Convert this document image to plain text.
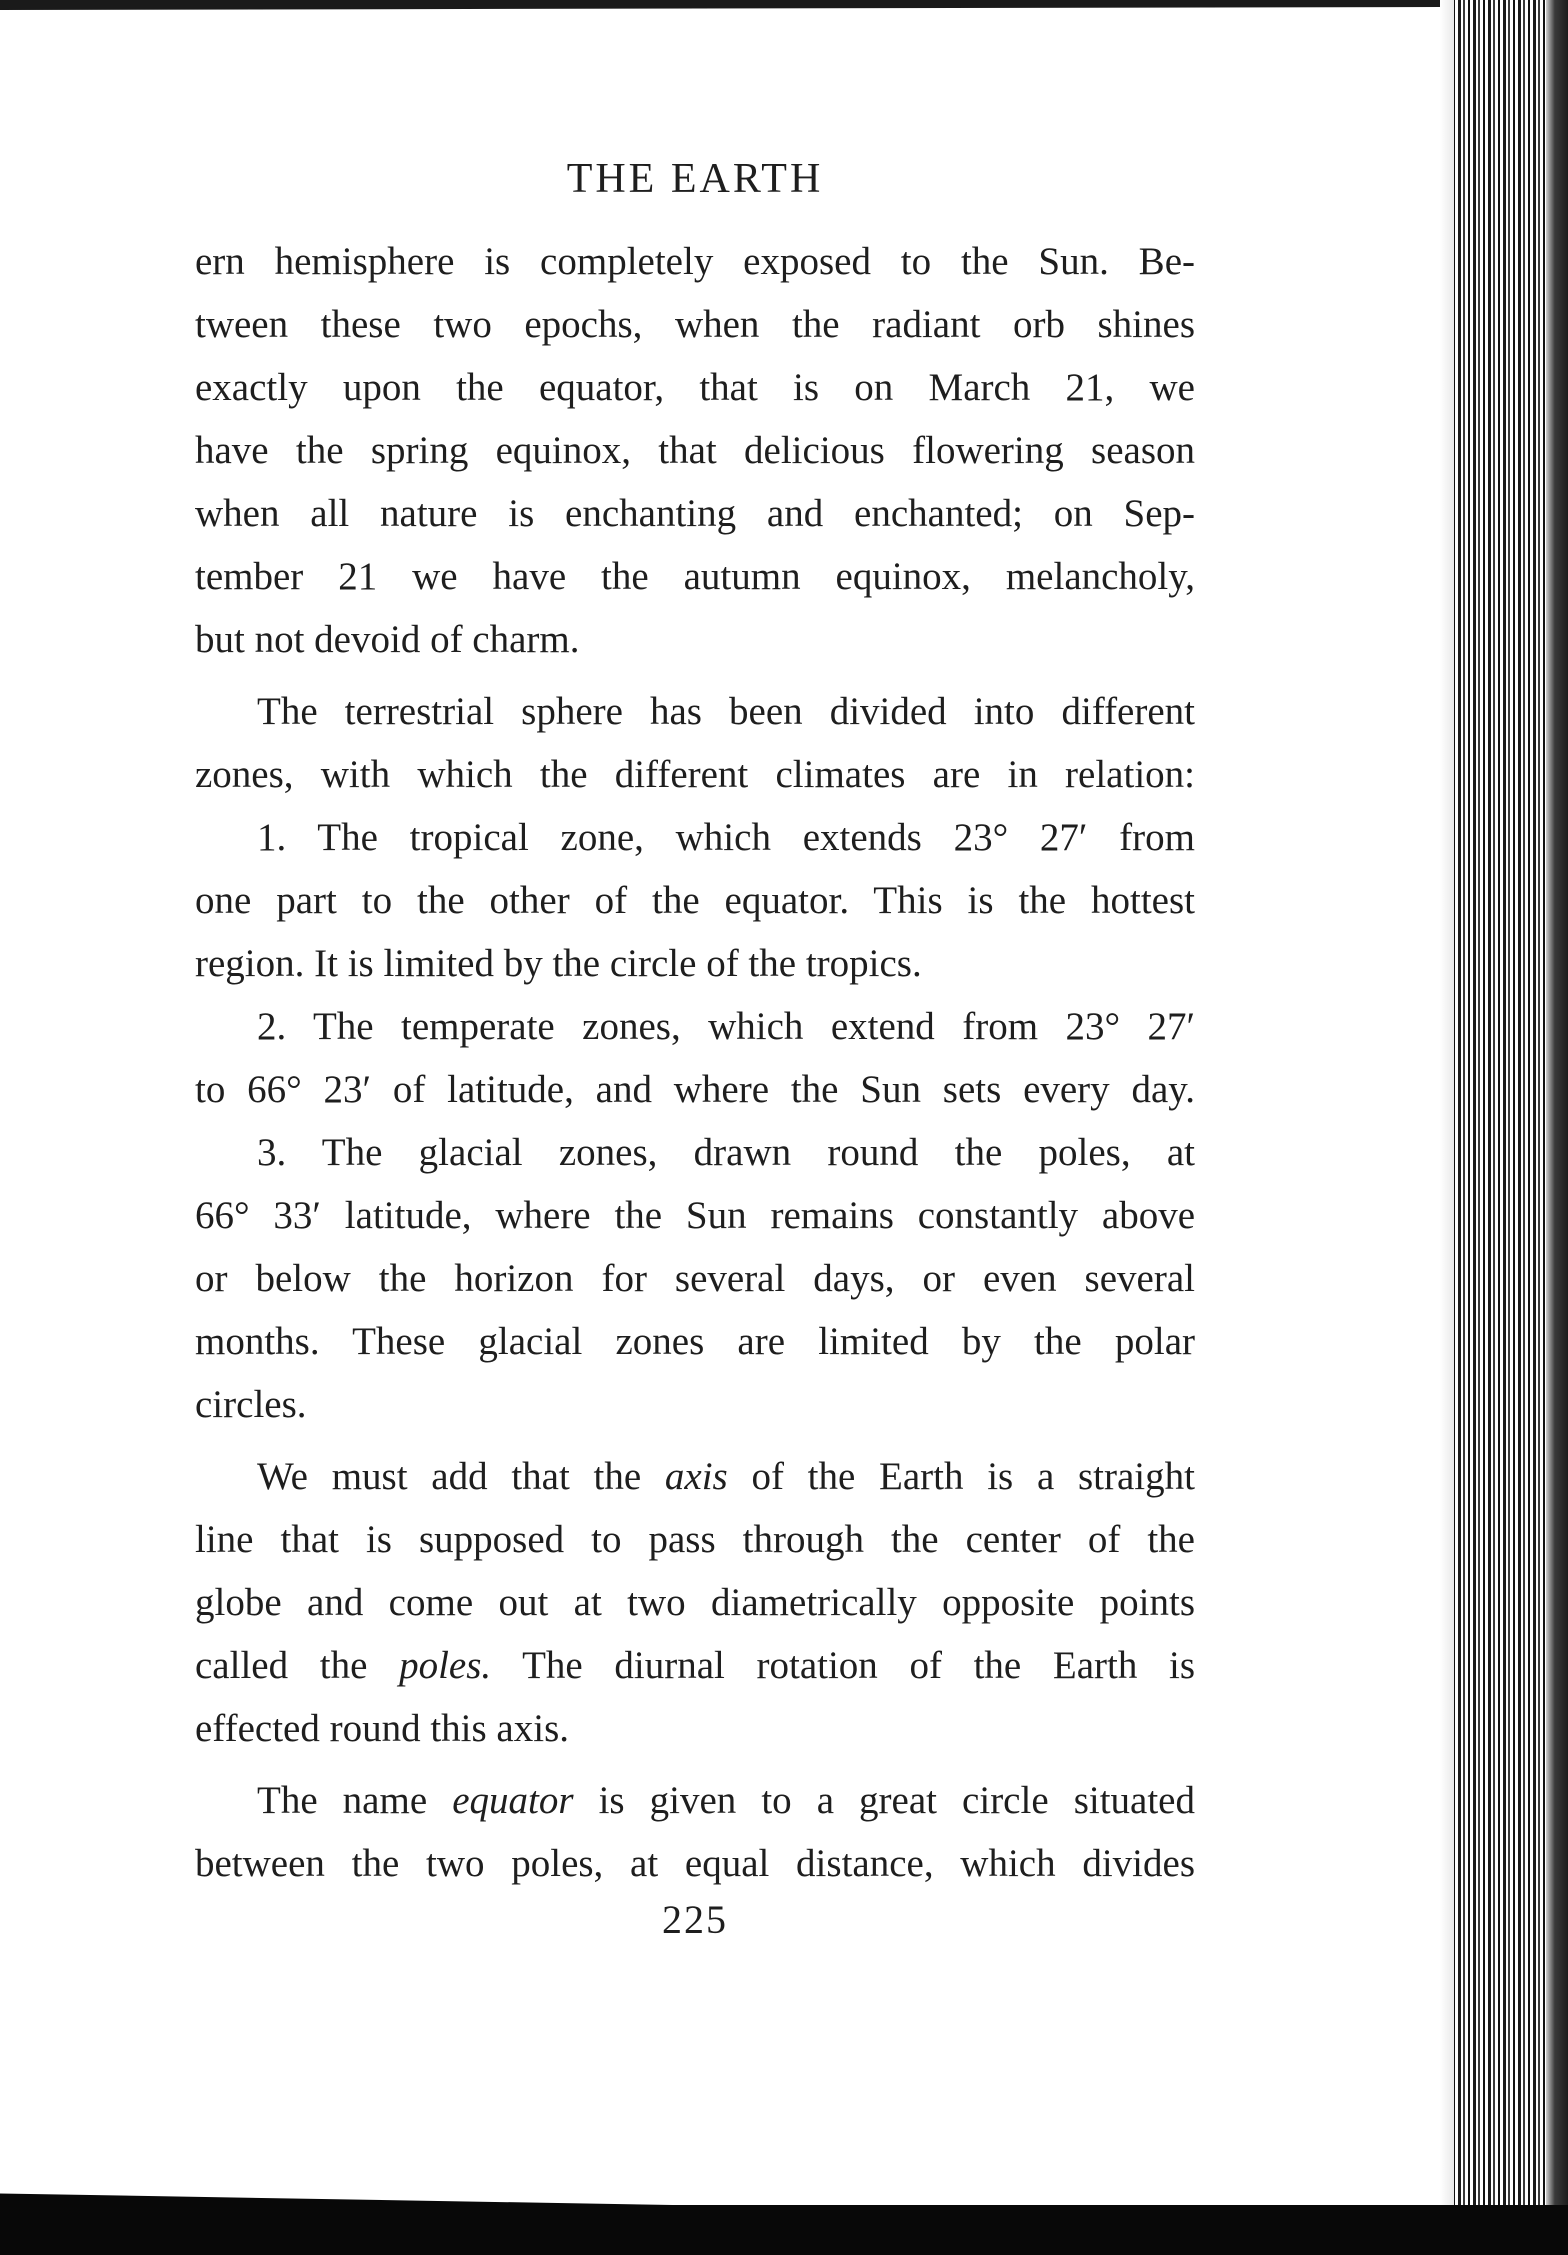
THE EARTH
ern hemisphere is completely exposed to the Sun. Be-
tween these two epochs, when the radiant orb shines
exactly upon the equator, that is on March 21, we
have the spring equinox, that delicious flowering season
when all nature is enchanting and enchanted; on Sep-
tember 21 we have the autumn equinox, melancholy,
but not devoid of charm.
The terrestrial sphere has been divided into different
zones, with which the different climates are in relation:
1. The tropical zone, which extends 23° 27′ from
one part to the other of the equator. This is the hottest
region. It is limited by the circle of the tropics.
2. The temperate zones, which extend from 23° 27′
to 66° 23′ of latitude, and where the Sun sets every day.
3. The glacial zones, drawn round the poles, at
66° 33′ latitude, where the Sun remains constantly above
or below the horizon for several days, or even several
months. These glacial zones are limited by the polar
circles.
We must add that the axis of the Earth is a straight
line that is supposed to pass through the center of the
globe and come out at two diametrically opposite points
called the poles. The diurnal rotation of the Earth is
effected round this axis.
The name equator is given to a great circle situated
between the two poles, at equal distance, which divides
225
